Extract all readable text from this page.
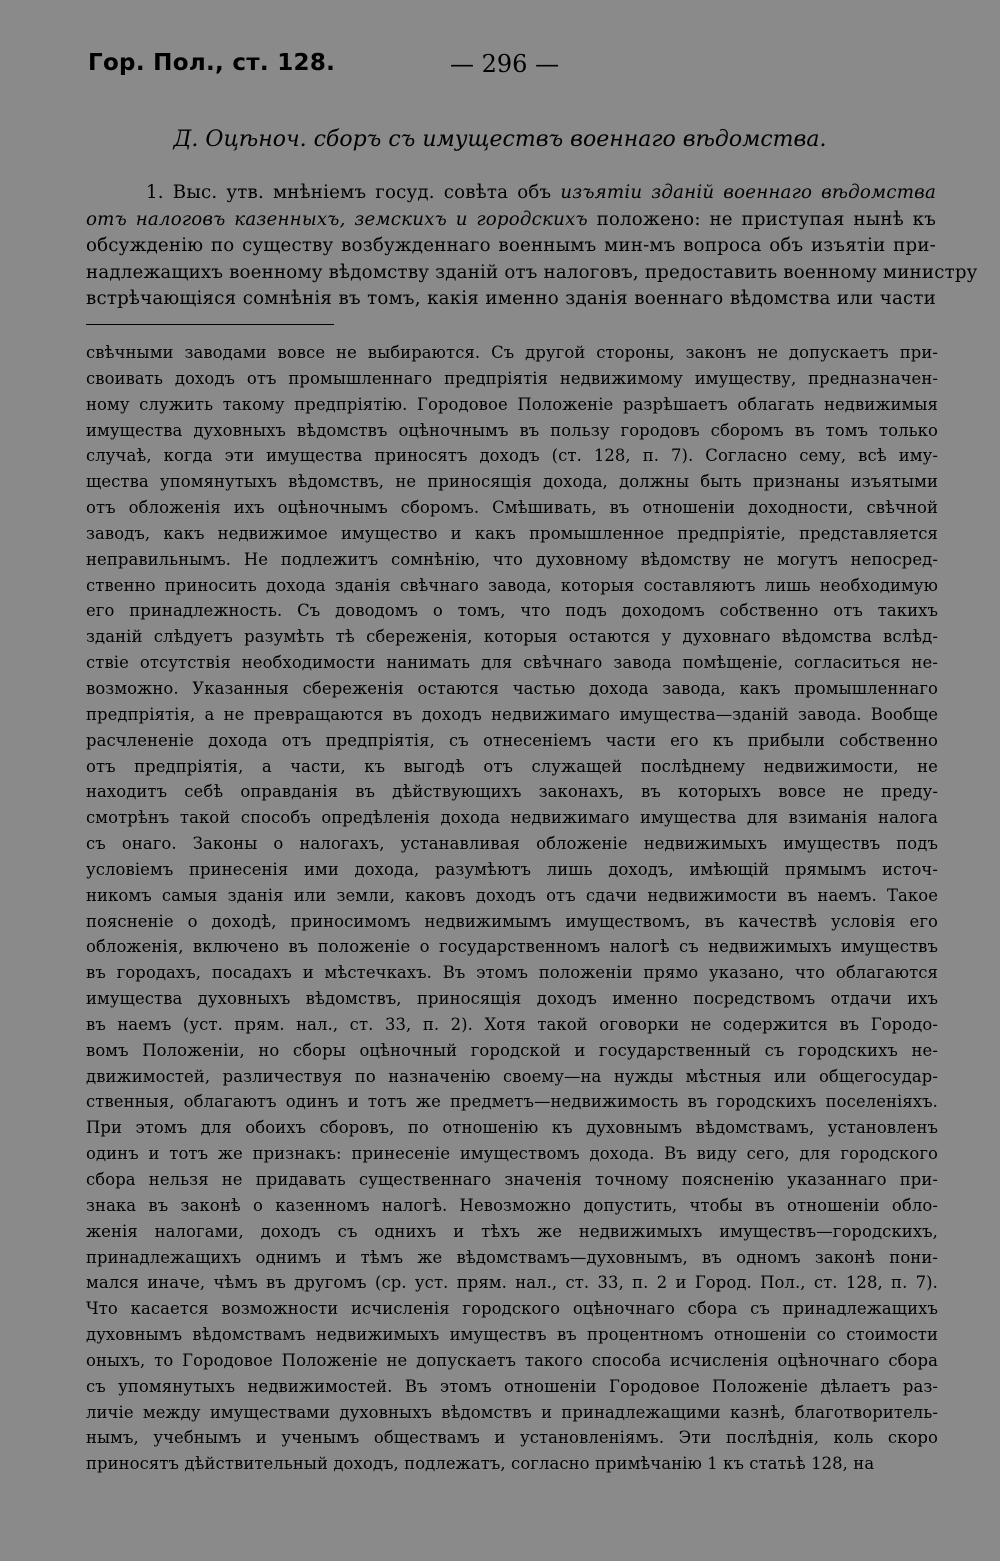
Гор. Пол., ст. 128.	— 296 —
Д. Оцѣноч. сборъ съ имуществъ военнаго вѣдомства.
1. Выс. утв. мнѣніемъ госуд. совѣта объ изъятіи зданій военнаго вѣдомства
отъ налоговъ казенныхъ, земскихъ и городскихъ положено: не приступая нынѣ къ
обсужденію по существу возбужденнаго военнымъ мин-мъ вопроса объ изъятіи при-
надлежащихъ военному вѣдомству зданій отъ налоговъ, предоставить военному министру
встрѣчающіяся сомнѣнія въ томъ, какія именно зданія военнаго вѣдомства или части
свѣчными заводами вовсе не выбираются. Съ другой стороны, законъ не допускаетъ при-
своивать доходъ отъ промышленнаго предпріятія недвижимому имуществу, предназначен-
ному служить такому предпріятію. Городовое Положеніе разрѣшаетъ облагать недвижимыя
имущества духовныхъ вѣдомствъ оцѣночнымъ въ пользу городовъ сборомъ въ томъ только
случаѣ, когда эти имущества приносятъ доходъ (ст. 128, п. 7). Согласно сему, всѣ иму-
щества упомянутыхъ вѣдомствъ, не приносящія дохода, должны быть признаны изъятыми
отъ обложенія ихъ оцѣночнымъ сборомъ. Смѣшивать, въ отношеніи доходности, свѣчной
заводъ, какъ недвижимое имущество и какъ промышленное предпріятіе, представляется
неправильнымъ. Не подлежитъ сомнѣнію, что духовному вѣдомству не могутъ непосред-
ственно приносить дохода зданія свѣчнаго завода, которыя составляютъ лишь необходимую
его принадлежность. Съ доводомъ о томъ, что подъ доходомъ собственно отъ такихъ
зданій слѣдуетъ разумѣть тѣ сбереженія, которыя остаются у духовнаго вѣдомства вслѣд-
ствіе отсутствія необходимости нанимать для свѣчнаго завода помѣщеніе, согласиться не-
возможно. Указанныя сбереженія остаются частью дохода завода, какъ промышленнаго
предпріятія, а не превращаются въ доходъ недвижимаго имущества—зданій завода. Вообще
расчлененіе дохода отъ предпріятія, съ отнесеніемъ части его къ прибыли собственно
отъ предпріятія, а части, къ выгодѣ отъ служащей послѣднему недвижимости, не
находитъ себѣ оправданія въ дѣйствующихъ законахъ, въ которыхъ вовсе не преду-
смотрѣнъ такой способъ опредѣленія дохода недвижимаго имущества для взиманія налога
съ онаго. Законы о налогахъ, устанавливая обложеніе недвижимыхъ имуществъ подъ
условіемъ принесенія ими дохода, разумѣютъ лишь доходъ, имѣющій прямымъ источ-
никомъ самыя зданія или земли, каковъ доходъ отъ сдачи недвижимости въ наемъ. Такое
поясненіе о доходѣ, приносимомъ недвижимымъ имуществомъ, въ качествѣ условія его
обложенія, включено въ положеніе о государственномъ налогѣ съ недвижимыхъ имуществъ
въ городахъ, посадахъ и мѣстечкахъ. Въ этомъ положеніи прямо указано, что облагаются
имущества духовныхъ вѣдомствъ, приносящія доходъ именно посредствомъ отдачи ихъ
въ наемъ (уст. прям. нал., ст. 33, п. 2). Хотя такой оговорки не содержится въ Городо-
вомъ Положеніи, но сборы оцѣночный городской и государственный съ городскихъ не-
движимостей, различествуя по назначенію своему—на нужды мѣстныя или общегосудар-
ственныя, облагаютъ одинъ и тотъ же предметъ—недвижимость въ городскихъ поселеніяхъ.
При этомъ для обоихъ сборовъ, по отношенію къ духовнымъ вѣдомствамъ, установленъ
одинъ и тотъ же признакъ: принесеніе имуществомъ дохода. Въ виду сего, для городского
сбора нельзя не придавать существеннаго значенія точному поясненію указаннаго при-
знака въ законѣ о казенномъ налогѣ. Невозможно допустить, чтобы въ отношеніи обло-
женія налогами, доходъ съ однихъ и тѣхъ же недвижимыхъ имуществъ—городскихъ,
принадлежащихъ однимъ и тѣмъ же вѣдомствамъ—духовнымъ, въ одномъ законѣ пони-
мался иначе, чѣмъ въ другомъ (ср. уст. прям. нал., ст. 33, п. 2 и Город. Пол., ст. 128, п. 7).
Что касается возможности исчисленія городского оцѣночнаго сбора съ принадлежащихъ
духовнымъ вѣдомствамъ недвижимыхъ имуществъ въ процентномъ отношеніи со стоимости
оныхъ, то Городовое Положеніе не допускаетъ такого способа исчисленія оцѣночнаго сбора
съ упомянутыхъ недвижимостей. Въ этомъ отношеніи Городовое Положеніе дѣлаетъ раз-
личіе между имуществами духовныхъ вѣдомствъ и принадлежащими казнѣ, благотворитель-
нымъ, учебнымъ и ученымъ обществамъ и установленіямъ. Эти послѣднія, коль скоро
приносятъ дѣйствительный доходъ, подлежатъ, согласно примѣчанію 1 къ статьѣ 128, на
